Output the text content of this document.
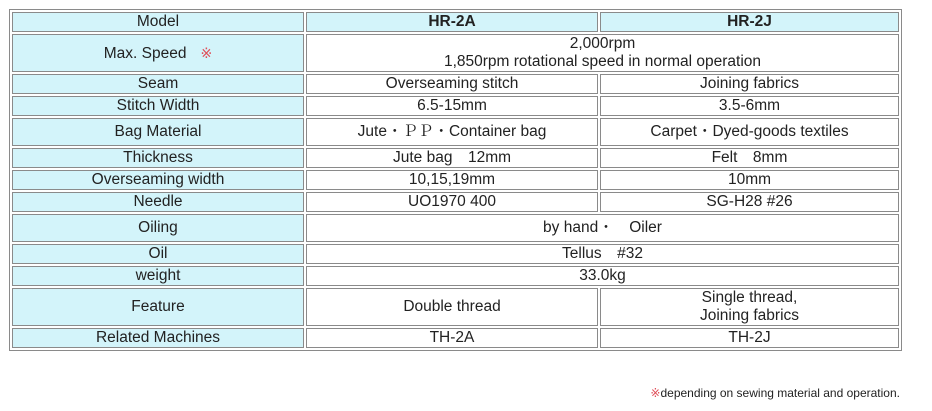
Model	HR-2A	HR-2J
Max. Speed ※	2,000rpm
1,850rpm rotational speed in normal operation	

Seam	Overseaming stitch	Joining fabrics
Stitch Width	6.5-15mm	3.5-6mm
Bag Material	Jute・ＰＰ・Container bag	Carpet・Dyed-goods textiles
Thickness	Jute bag　12mm	Felt　8mm
Overseaming width	10,15,19mm	10mm
Needle	UO1970 400	SG-H28 #26
Oiling	by hand・　Oiler	
Oil	Tellus　#32	
weight	33.0kg	
Feature	Double thread	Single thread,
Joining fabrics

Related Machines	TH-2A	TH-2J
※depending on sewing material and operation.
